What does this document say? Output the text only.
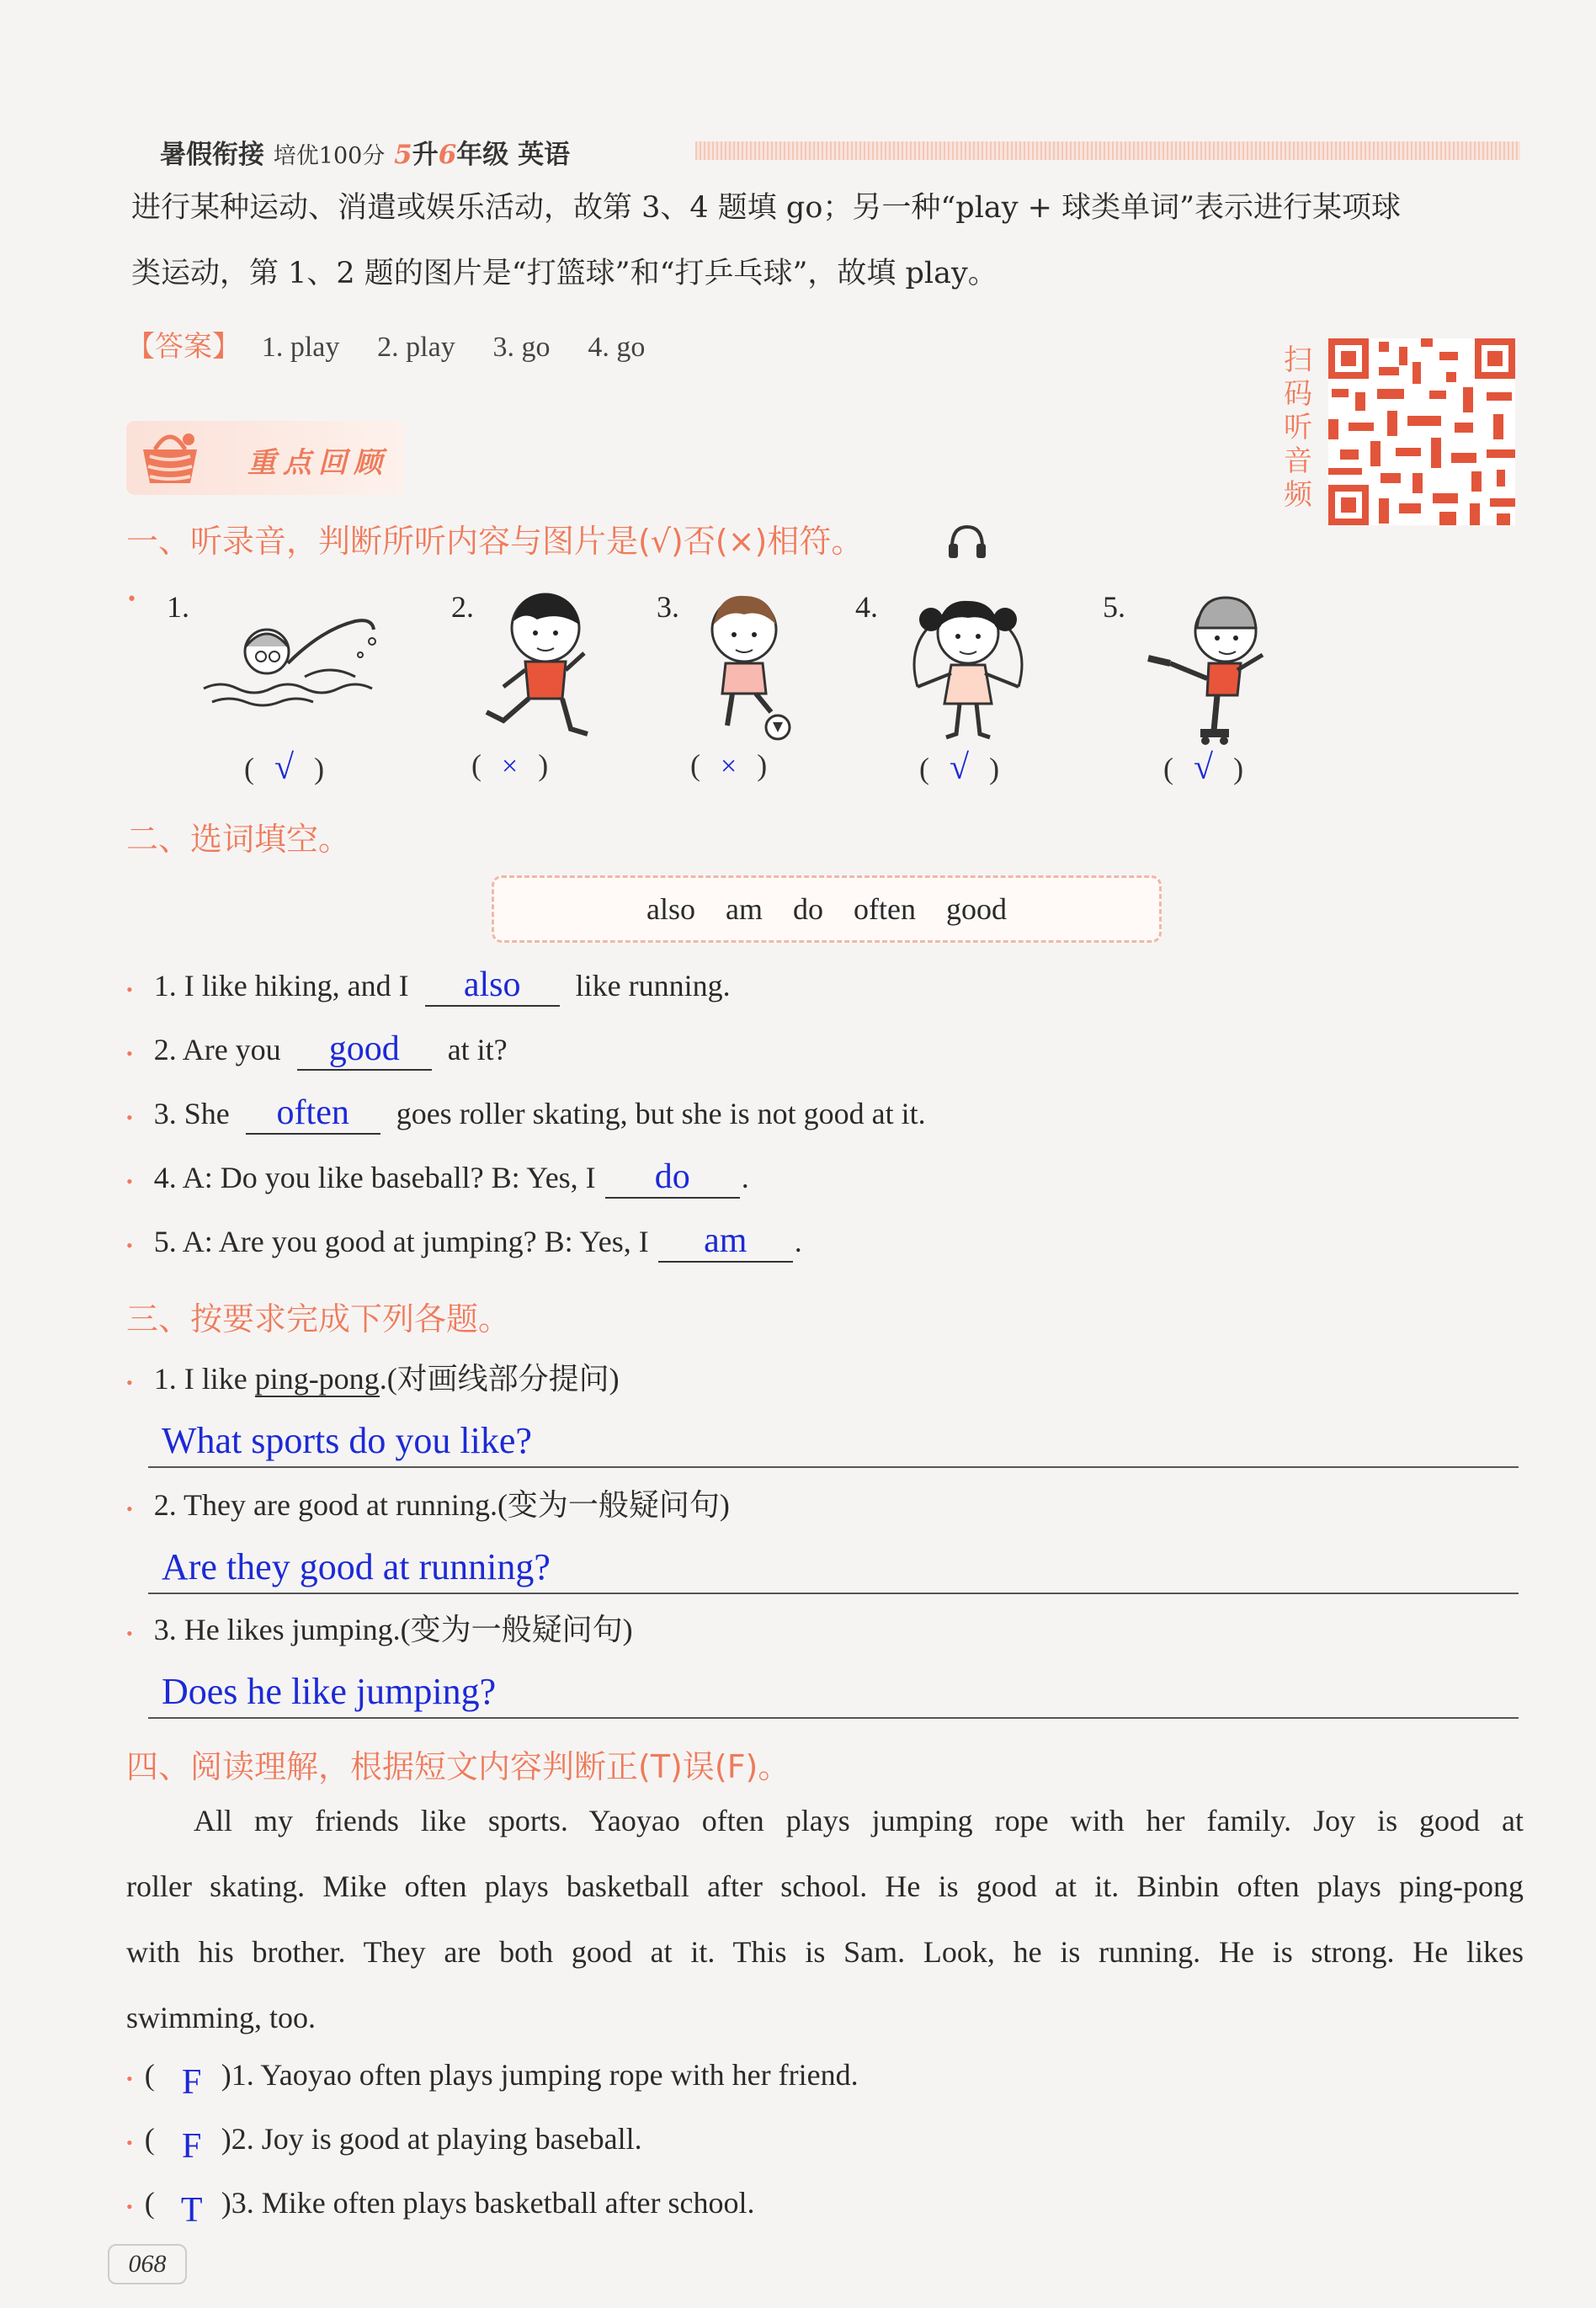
暑假衔接 培优100分 5升6年级 英语
进行某种运动、消遣或娱乐活动，故第 3、4 题填 go；另一种“play + 球类单词”表示进行某项球
类运动，第 1、2 题的图片是“打篮球”和“打乒乓球”，故填 play。
【答案】 1. play 2. play 3. go 4. go	扫码听音频
重点回顾
一、听录音，判断所听内容与图片是(√)否(×)相符。
• 1.
( √ )
2.
( × )
3.
( × )
4.
( √ )
5.
( √ )
二、选词填空。
also am do often good
• 1. I like hiking, and I also like running.
• 2. Are you good at it?
• 3. She often goes roller skating, but she is not good at it.
• 4. A: Do you like baseball? B: Yes, I do .
• 5. A: Are you good at jumping? B: Yes, I am .
三、按要求完成下列各题。
• 1. I like ping-pong.(对画线部分提问)
What sports do you like?
• 2. They are good at running.(变为一般疑问句)
Are they good at running?
• 3. He likes jumping.(变为一般疑问句)
Does he like jumping?
四、阅读理解，根据短文内容判断正(T)误(F)。
All my friends like sports. Yaoyao often plays jumping rope with her family. Joy is good at
roller skating. Mike often plays basketball after school. He is good at it. Binbin often plays ping-pong
with his brother. They are both good at it. This is Sam. Look, he is running. He is strong. He likes
swimming, too.
• ( F )1. Yaoyao often plays jumping rope with her friend.
• ( F )2. Joy is good at playing baseball.
• ( T )3. Mike often plays basketball after school.
068
